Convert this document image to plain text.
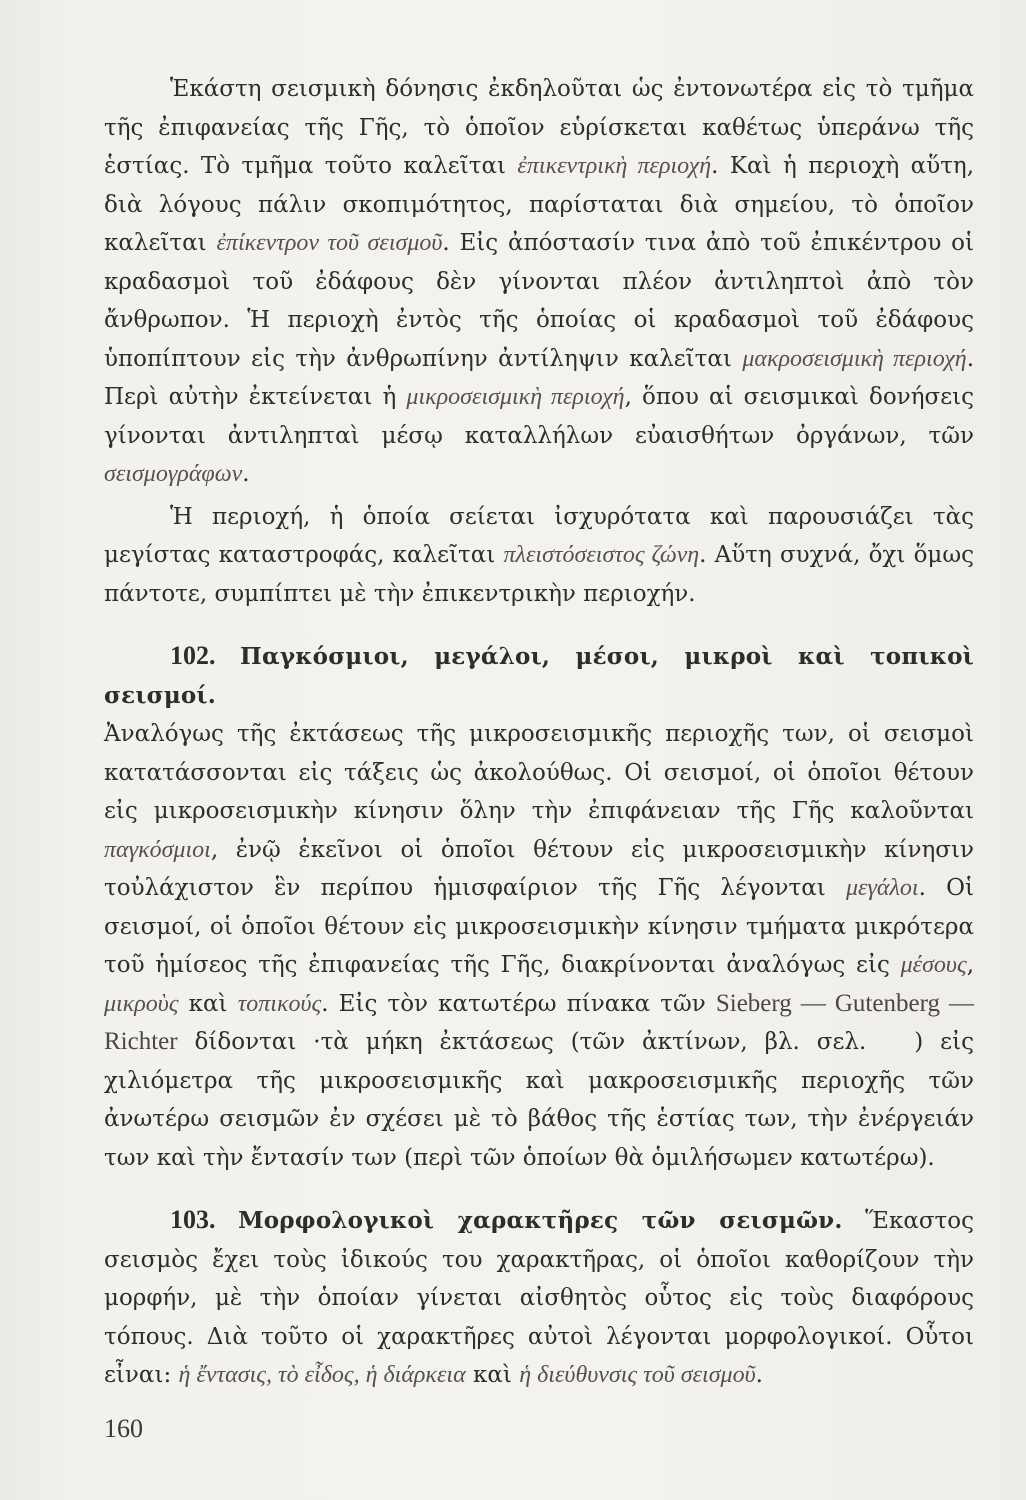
Ἑκάστη σεισμικὴ δόνησις ἐκδηλοῦται ὡς ἐντονωτέρα εἰς τὸ τμῆμα τῆς ἐπιφανείας τῆς Γῆς, τὸ ὁποῖον εὑρίσκεται καθέτως ὑπεράνω τῆς ἑστίας. Τὸ τμῆμα τοῦτο καλεῖται ἐπικεντρικὴ περιοχή. Καὶ ἡ περιοχὴ αὕτη, διὰ λόγους πάλιν σκοπιμότητος, παρίσταται διὰ σημείου, τὸ ὁποῖον καλεῖται ἐπίκεντρον τοῦ σεισμοῦ. Εἰς ἀπόστασίν τινα ἀπὸ τοῦ ἐπικέντρου οἱ κραδασμοὶ τοῦ ἐδάφους δὲν γίνονται πλέον ἀντιληπτοὶ ἀπὸ τὸν ἄνθρωπον. Ἡ περιοχὴ ἐντὸς τῆς ὁποίας οἱ κραδασμοὶ τοῦ ἐδάφους ὑποπίπτουν εἰς τὴν ἀνθρωπίνην ἀντίληψιν καλεῖται μακροσεισμικὴ περιοχή. Περὶ αὐτὴν ἐκτείνεται ἡ μικροσεισμικὴ περιοχή, ὅπου αἱ σεισμικαὶ δονήσεις γίνονται ἀντιληπταὶ μέσῳ καταλλήλων εὐαισθήτων ὀργάνων, τῶν σεισμογράφων.

Ἡ περιοχή, ἡ ὁποία σείεται ἰσχυρότατα καὶ παρουσιάζει τὰς μεγίστας καταστροφάς, καλεῖται πλειστόσειστος ζώνη. Αὕτη συχνά, ὄχι ὅμως πάντοτε, συμπίπτει μὲ τὴν ἐπικεντρικὴν περιοχήν.

102. Παγκόσμιοι, μεγάλοι, μέσοι, μικροὶ καὶ τοπικοὶ σεισμοί.
Ἀναλόγως τῆς ἐκτάσεως τῆς μικροσεισμικῆς περιοχῆς των, οἱ σεισμοὶ κατατάσσονται εἰς τάξεις ὡς ἀκολούθως. Οἱ σεισμοί, οἱ ὁποῖοι θέτουν εἰς μικροσεισμικὴν κίνησιν ὅλην τὴν ἐπιφάνειαν τῆς Γῆς καλοῦνται παγκόσμιοι, ἐνῷ ἐκεῖνοι οἱ ὁποῖοι θέτουν εἰς μικροσεισμικὴν κίνησιν τοὐλάχιστον ἓν περίπου ἡμισφαίριον τῆς Γῆς λέγονται μεγάλοι. Οἱ σεισμοί, οἱ ὁποῖοι θέτουν εἰς μικροσεισμικὴν κίνησιν τμήματα μικρότερα τοῦ ἡμίσεος τῆς ἐπιφανείας τῆς Γῆς, διακρίνονται ἀναλόγως εἰς μέσους, μικροὺς καὶ τοπικούς. Εἰς τὸν κατωτέρω πίνακα τῶν Sieberg — Gutenberg — Richter δίδονται ·τὰ μήκη ἐκτάσεως (τῶν ἀκτίνων, βλ. σελ. ) εἰς χιλιόμετρα τῆς μικροσεισμικῆς καὶ μακροσεισμικῆς περιοχῆς τῶν ἀνωτέρω σεισμῶν ἐν σχέσει μὲ τὸ βάθος τῆς ἑστίας των, τὴν ἐνέργειάν των καὶ τὴν ἔντασίν των (περὶ τῶν ὁποίων θὰ ὁμιλήσωμεν κατωτέρω).

103. Μορφολογικοὶ χαρακτῆρες τῶν σεισμῶν. Ἕκαστος σεισμὸς ἔχει τοὺς ἰδικούς του χαρακτῆρας, οἱ ὁποῖοι καθορίζουν τὴν μορφήν, μὲ τὴν ὁποίαν γίνεται αἰσθητὸς οὗτος εἰς τοὺς διαφόρους τόπους. Διὰ τοῦτο οἱ χαρακτῆρες αὐτοὶ λέγονται μορφολογικοί. Οὗτοι εἶναι: ἡ ἔντασις, τὸ εἶδος, ἡ διάρκεια καὶ ἡ διεύθυνσις τοῦ σεισμοῦ.

160
